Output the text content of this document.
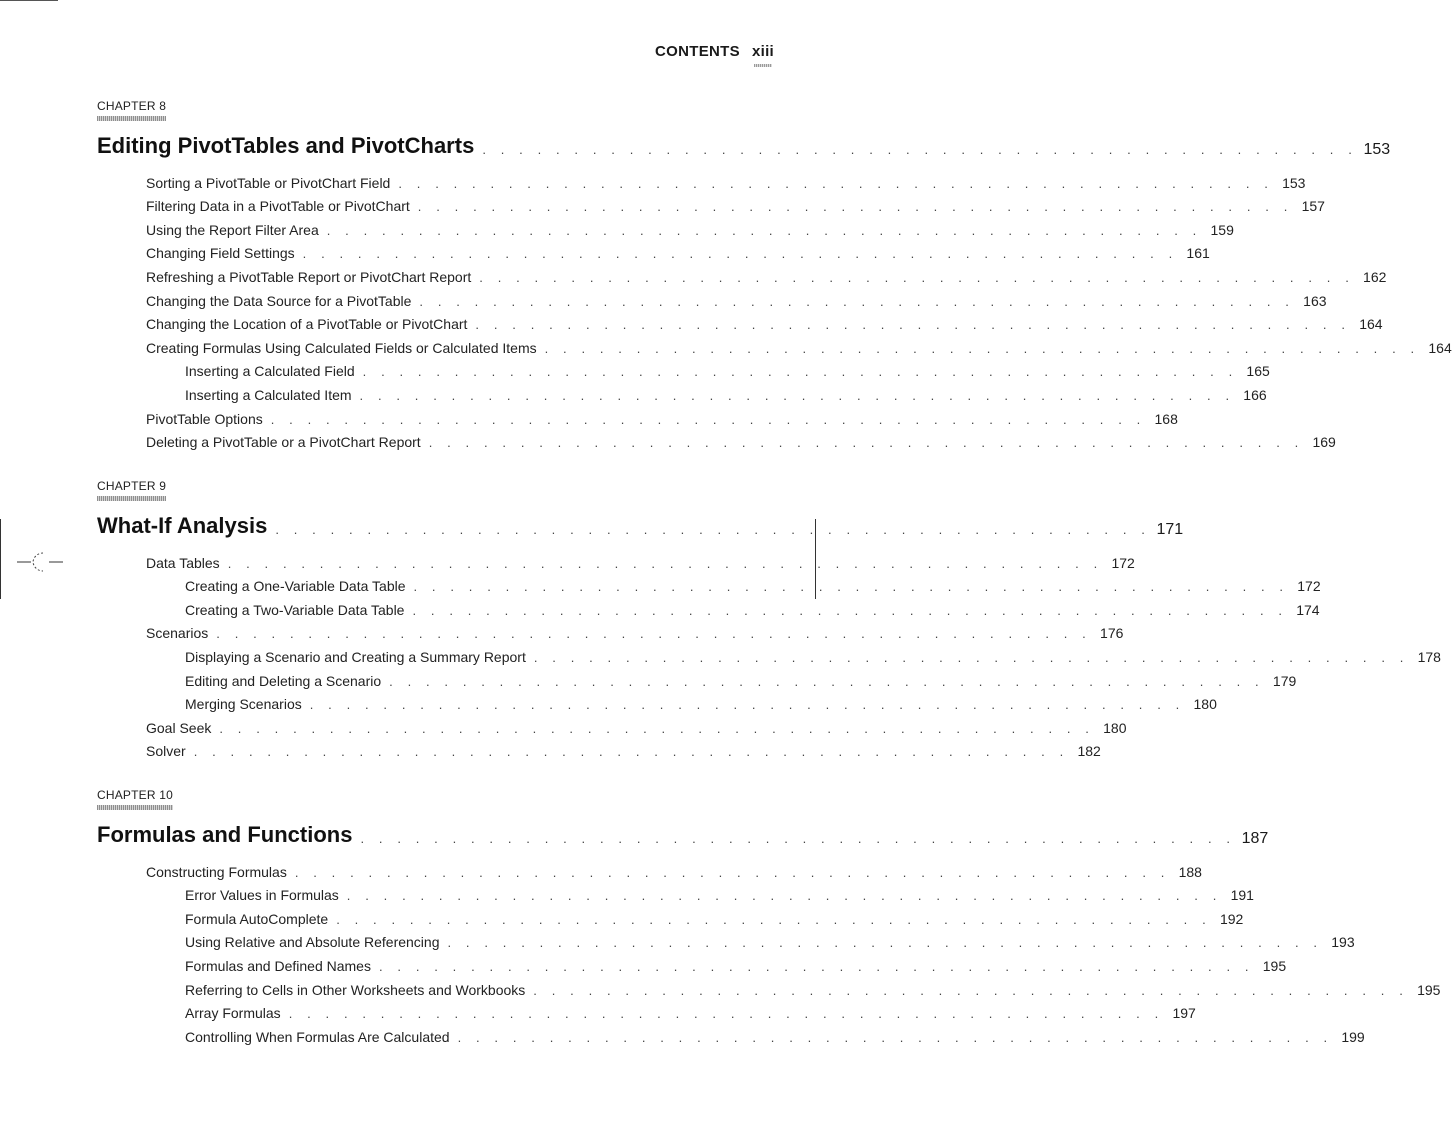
CONTENTS xiii
CHAPTER 8
Editing PivotTables and PivotCharts . . . . . . . . . . . . . . . . . . . . . . . . . . . . . . . . . . . . . . . . . . . . . . . . 153
Sorting a PivotTable or PivotChart Field . . . . . . . . . . . . . . . . . . . . . . . . . . . . . . . . . . . . . . . . . . . . . . . . 153
Filtering Data in a PivotTable or PivotChart . . . . . . . . . . . . . . . . . . . . . . . . . . . . . . . . . . . . . . . . . . . . . . . . 157
Using the Report Filter Area . . . . . . . . . . . . . . . . . . . . . . . . . . . . . . . . . . . . . . . . . . . . . . . . 159
Changing Field Settings . . . . . . . . . . . . . . . . . . . . . . . . . . . . . . . . . . . . . . . . . . . . . . . . 161
Refreshing a PivotTable Report or PivotChart Report . . . . . . . . . . . . . . . . . . . . . . . . . . . . . . . . . . . . . . . . . . . . . . . . 162
Changing the Data Source for a PivotTable . . . . . . . . . . . . . . . . . . . . . . . . . . . . . . . . . . . . . . . . . . . . . . . . 163
Changing the Location of a PivotTable or PivotChart . . . . . . . . . . . . . . . . . . . . . . . . . . . . . . . . . . . . . . . . . . . . . . . . 164
Creating Formulas Using Calculated Fields or Calculated Items . . . . . . . . . . . . . . . . . . . . . . . . . . . . . . . . . . . . . . . . . . . . . . . . 164
Inserting a Calculated Field . . . . . . . . . . . . . . . . . . . . . . . . . . . . . . . . . . . . . . . . . . . . . . . . 165
Inserting a Calculated Item . . . . . . . . . . . . . . . . . . . . . . . . . . . . . . . . . . . . . . . . . . . . . . . . 166
PivotTable Options . . . . . . . . . . . . . . . . . . . . . . . . . . . . . . . . . . . . . . . . . . . . . . . . 168
Deleting a PivotTable or a PivotChart Report . . . . . . . . . . . . . . . . . . . . . . . . . . . . . . . . . . . . . . . . . . . . . . . . 169
CHAPTER 9
What-If Analysis . . . . . . . . . . . . . . . . . . . . . . . . . . . . . . . . . . . . . . . . . . . . . . . . 171
Data Tables . . . . . . . . . . . . . . . . . . . . . . . . . . . . . . . . . . . . . . . . . . . . . . . . 172
Creating a One-Variable Data Table . . . . . . . . . . . . . . . . . . . . . . . . . . . . . . . . . . . . . . . . . . . . . . . . 172
Creating a Two-Variable Data Table . . . . . . . . . . . . . . . . . . . . . . . . . . . . . . . . . . . . . . . . . . . . . . . . 174
Scenarios . . . . . . . . . . . . . . . . . . . . . . . . . . . . . . . . . . . . . . . . . . . . . . . . 176
Displaying a Scenario and Creating a Summary Report . . . . . . . . . . . . . . . . . . . . . . . . . . . . . . . . . . . . . . . . . . . . . . . . 178
Editing and Deleting a Scenario . . . . . . . . . . . . . . . . . . . . . . . . . . . . . . . . . . . . . . . . . . . . . . . . 179
Merging Scenarios . . . . . . . . . . . . . . . . . . . . . . . . . . . . . . . . . . . . . . . . . . . . . . . . 180
Goal Seek . . . . . . . . . . . . . . . . . . . . . . . . . . . . . . . . . . . . . . . . . . . . . . . . 180
Solver . . . . . . . . . . . . . . . . . . . . . . . . . . . . . . . . . . . . . . . . . . . . . . . . 182
CHAPTER 10
Formulas and Functions . . . . . . . . . . . . . . . . . . . . . . . . . . . . . . . . . . . . . . . . . . . . . . . . 187
Constructing Formulas . . . . . . . . . . . . . . . . . . . . . . . . . . . . . . . . . . . . . . . . . . . . . . . . 188
Error Values in Formulas . . . . . . . . . . . . . . . . . . . . . . . . . . . . . . . . . . . . . . . . . . . . . . . . 191
Formula AutoComplete . . . . . . . . . . . . . . . . . . . . . . . . . . . . . . . . . . . . . . . . . . . . . . . . 192
Using Relative and Absolute Referencing . . . . . . . . . . . . . . . . . . . . . . . . . . . . . . . . . . . . . . . . . . . . . . . . 193
Formulas and Defined Names . . . . . . . . . . . . . . . . . . . . . . . . . . . . . . . . . . . . . . . . . . . . . . . . 195
Referring to Cells in Other Worksheets and Workbooks . . . . . . . . . . . . . . . . . . . . . . . . . . . . . . . . . . . . . . . . . . . . . . . . 195
Array Formulas . . . . . . . . . . . . . . . . . . . . . . . . . . . . . . . . . . . . . . . . . . . . . . . . 197
Controlling When Formulas Are Calculated . . . . . . . . . . . . . . . . . . . . . . . . . . . . . . . . . . . . . . . . . . . . . . . . 199
